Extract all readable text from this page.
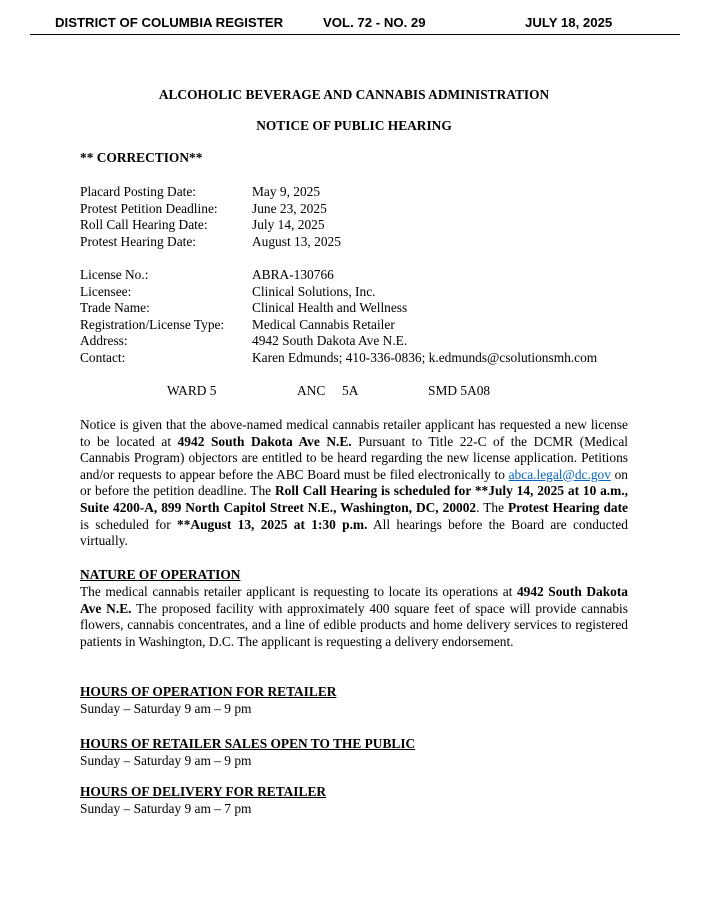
DISTRICT OF COLUMBIA REGISTER	VOL. 72 - NO. 29	JULY 18, 2025
ALCOHOLIC BEVERAGE AND CANNABIS ADMINISTRATION
NOTICE OF PUBLIC HEARING
** CORRECTION**
Placard Posting Date:	May 9, 2025
Protest Petition Deadline:	June 23, 2025
Roll Call Hearing Date:	July 14, 2025
Protest Hearing Date:	August 13, 2025
License No.:	ABRA-130766
Licensee:	Clinical Solutions, Inc.
Trade Name:	Clinical Health and Wellness
Registration/License Type:	Medical Cannabis Retailer
Address:	4942 South Dakota Ave N.E.
Contact:	Karen Edmunds; 410-336-0836; k.edmunds@csolutionsmh.com
WARD 5	ANC 5A	SMD 5A08
Notice is given that the above-named medical cannabis retailer applicant has requested a new license to be located at 4942 South Dakota Ave N.E. Pursuant to Title 22-C of the DCMR (Medical Cannabis Program) objectors are entitled to be heard regarding the new license application. Petitions and/or requests to appear before the ABC Board must be filed electronically to abca.legal@dc.gov on or before the petition deadline. The Roll Call Hearing is scheduled for **July 14, 2025 at 10 a.m., Suite 4200-A, 899 North Capitol Street N.E., Washington, DC, 20002. The Protest Hearing date is scheduled for **August 13, 2025 at 1:30 p.m. All hearings before the Board are conducted virtually.
NATURE OF OPERATION
The medical cannabis retailer applicant is requesting to locate its operations at 4942 South Dakota Ave N.E. The proposed facility with approximately 400 square feet of space will provide cannabis flowers, cannabis concentrates, and a line of edible products and home delivery services to registered patients in Washington, D.C. The applicant is requesting a delivery endorsement.
HOURS OF OPERATION FOR RETAILER
Sunday – Saturday 9 am – 9 pm
HOURS OF RETAILER SALES OPEN TO THE PUBLIC
Sunday – Saturday 9 am – 9 pm
HOURS OF DELIVERY FOR RETAILER
Sunday – Saturday 9 am – 7 pm
